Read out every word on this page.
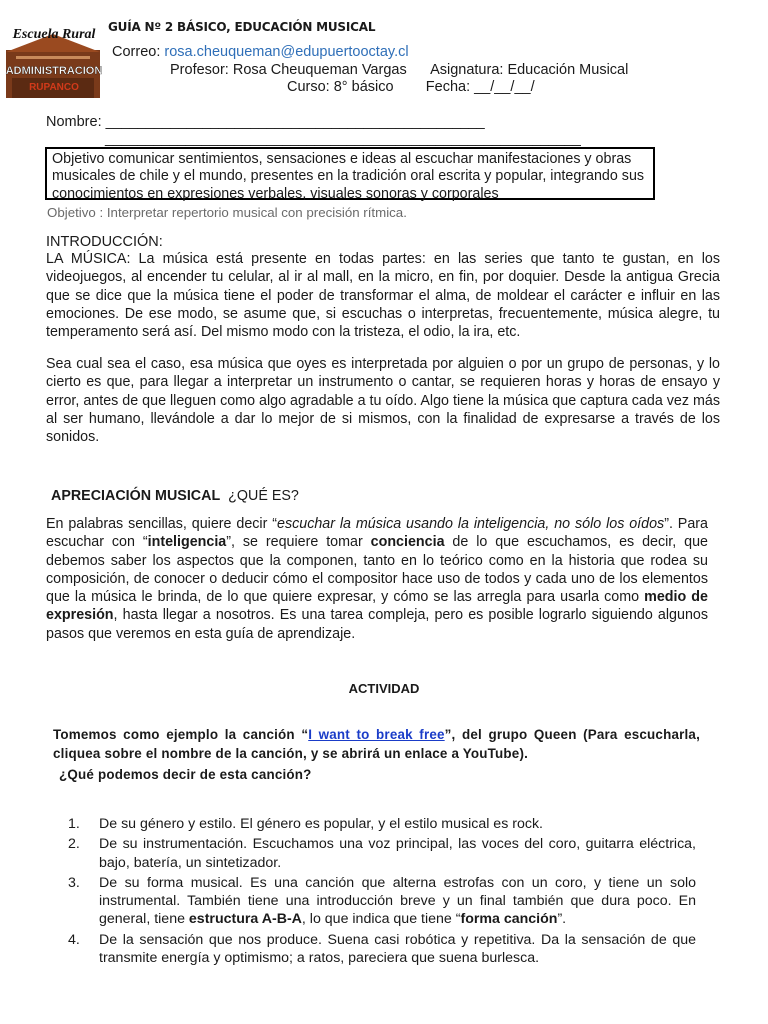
Escuela Rural
ADMINISTRACION
RUPANCO
GUÍA Nº 2 BÁSICO, EDUCACIÓN MUSICAL
Correo: rosa.cheuqueman@edupuertooctay.cl
Profesor: Rosa Cheuqueman Vargas      Asignatura: Educación Musical
Curso: 8° básico        Fecha: __/__/__/
Nombre: _______________________________________________
___________________________________________________________
Objetivo comunicar sentimientos, sensaciones e ideas al escuchar manifestaciones y obras musicales de chile y el mundo, presentes en la tradición oral escrita y popular, integrando sus conocimientos en expresiones verbales, visuales sonoras y corporales
Objetivo : Interpretar repertorio musical con precisión rítmica.
INTRODUCCIÓN:
LA MÚSICA: La música está presente en todas partes: en las series que tanto te gustan, en los videojuegos, al encender tu celular, al ir al mall, en la micro, en fin, por doquier. Desde la antigua Grecia que se dice que la música tiene el poder de transformar el alma, de moldear el carácter e influir en las emociones. De ese modo, se asume que, si escuchas o interpretas, frecuentemente, música alegre, tu temperamento será así. Del mismo modo con la tristeza, el odio, la ira, etc.
Sea cual sea el caso, esa música que oyes es interpretada por alguien o por un grupo de personas, y lo cierto es que, para llegar a interpretar un instrumento o cantar, se requieren horas y horas de ensayo y error, antes de que lleguen como algo agradable a tu oído. Algo tiene la música que captura cada vez más al ser humano, llevándole a dar lo mejor de si mismos, con la finalidad de expresarse a través de los sonidos.
APRECIACIÓN MUSICAL ¿QUÉ ES?
En palabras sencillas, quiere decir “escuchar la música usando la inteligencia, no sólo los oídos”. Para escuchar con “inteligencia”, se requiere tomar conciencia de lo que escuchamos, es decir, que debemos saber los aspectos que la componen, tanto en lo teórico como en la historia que rodea su composición, de conocer o deducir cómo el compositor hace uso de todos y cada uno de los elementos que la música le brinda, de lo que quiere expresar, y cómo se las arregla para usarla como medio de expresión, hasta llegar a nosotros. Es una tarea compleja, pero es posible lograrlo siguiendo algunos pasos que veremos en esta guía de aprendizaje.
ACTIVIDAD
Tomemos como ejemplo la canción “I want to break free”, del grupo Queen (Para escucharla, cliquea sobre el nombre de la canción, y se abrirá un enlace a YouTube).
¿Qué podemos decir de esta canción?
1.	De su género y estilo. El género es popular, y el estilo musical es rock.
2.	De su instrumentación. Escuchamos una voz principal, las voces del coro, guitarra eléctrica, bajo, batería, un sintetizador.
3.	De su forma musical. Es una canción que alterna estrofas con un coro, y tiene un solo instrumental. También tiene una introducción breve y un final también que dura poco. En general, tiene estructura A-B-A, lo que indica que tiene “forma canción”.
4.	De la sensación que nos produce. Suena casi robótica y repetitiva. Da la sensación de que transmite energía y optimismo; a ratos, pareciera que suena burlesca.
